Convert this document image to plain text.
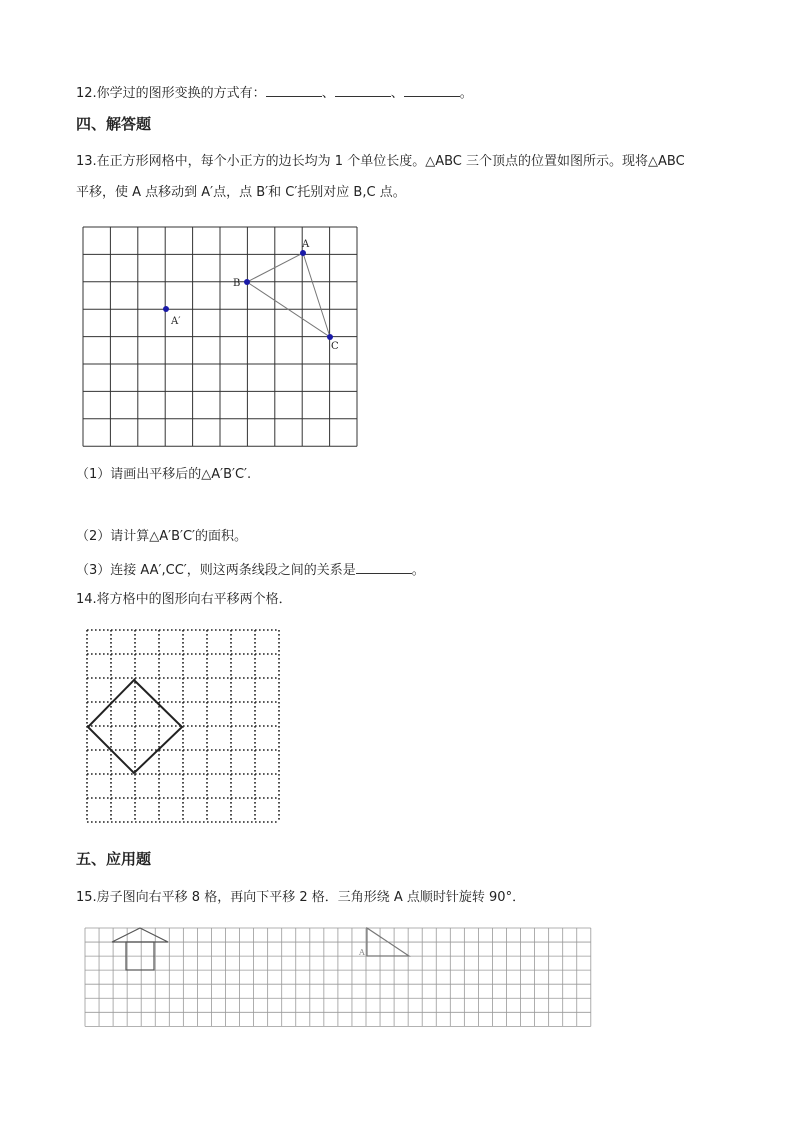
12.你学过的图形变换的方式有：	、	、	。
四、解答题
13.在正方形网格中，每个小正方的边长均为 1 个单位长度。△ABC 三个顶点的位置如图所示。现将△ABC
平移，使 A 点移动到 A′点，点 B′和 C′托别对应 B,C 点。
A
B
C
A′
（1）请画出平移后的△A′B′C′.
（2）请计算△A′B′C′的面积。
（3）连接 AA′,CC′，则这两条线段之间的关系是	。
14.将方格中的图形向右平移两个格．
五、应用题
15.房子图向右平移 8 格，再向下平移 2 格．三角形绕 A 点顺时针旋转 90°．
A
